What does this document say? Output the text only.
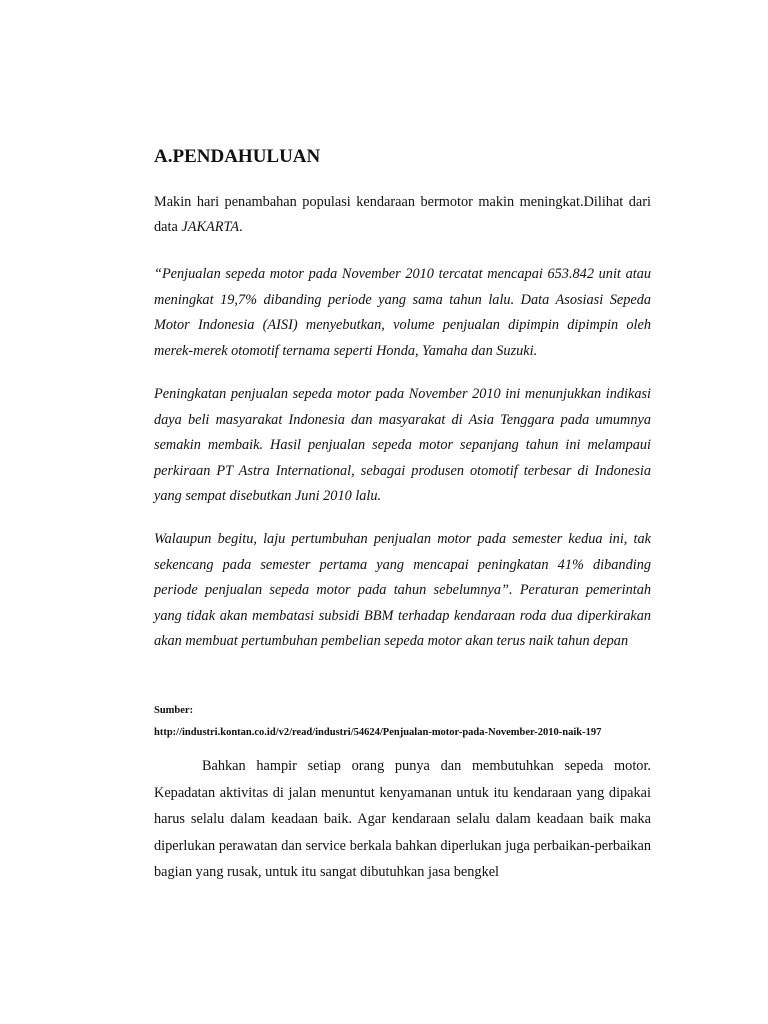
A.PENDAHULUAN

Makin hari penambahan populasi kendaraan bermotor makin meningkat.Dilihat dari data JAKARTA.

“Penjualan sepeda motor pada November 2010 tercatat mencapai 653.842 unit atau meningkat 19,7% dibanding periode yang sama tahun lalu. Data Asosiasi Sepeda Motor Indonesia (AISI) menyebutkan, volume penjualan dipimpin dipimpin oleh merek-merek otomotif ternama seperti Honda, Yamaha dan Suzuki.

Peningkatan penjualan sepeda motor pada November 2010 ini menunjukkan indikasi daya beli masyarakat Indonesia dan masyarakat di Asia Tenggara pada umumnya semakin membaik. Hasil penjualan sepeda motor sepanjang tahun ini melampaui perkiraan PT Astra International, sebagai produsen otomotif terbesar di Indonesia yang sempat disebutkan Juni 2010 lalu.

Walaupun begitu, laju pertumbuhan penjualan motor pada semester kedua ini, tak sekencang pada semester pertama yang mencapai peningkatan 41% dibanding periode penjualan sepeda motor pada tahun sebelumnya”. Peraturan pemerintah yang tidak akan membatasi subsidi BBM terhadap kendaraan roda dua diperkirakan akan membuat pertumbuhan pembelian sepeda motor akan terus naik tahun depan

Sumber:
http://industri.kontan.co.id/v2/read/industri/54624/Penjualan-motor-pada-November-2010-naik-197

Bahkan hampir setiap orang punya dan membutuhkan sepeda motor. Kepadatan aktivitas di jalan menuntut kenyamanan untuk itu kendaraan yang dipakai harus selalu dalam keadaan baik. Agar kendaraan selalu dalam keadaan baik maka diperlukan perawatan dan service berkala bahkan diperlukan juga perbaikan-perbaikan bagian yang rusak, untuk itu sangat dibutuhkan jasa bengkel
